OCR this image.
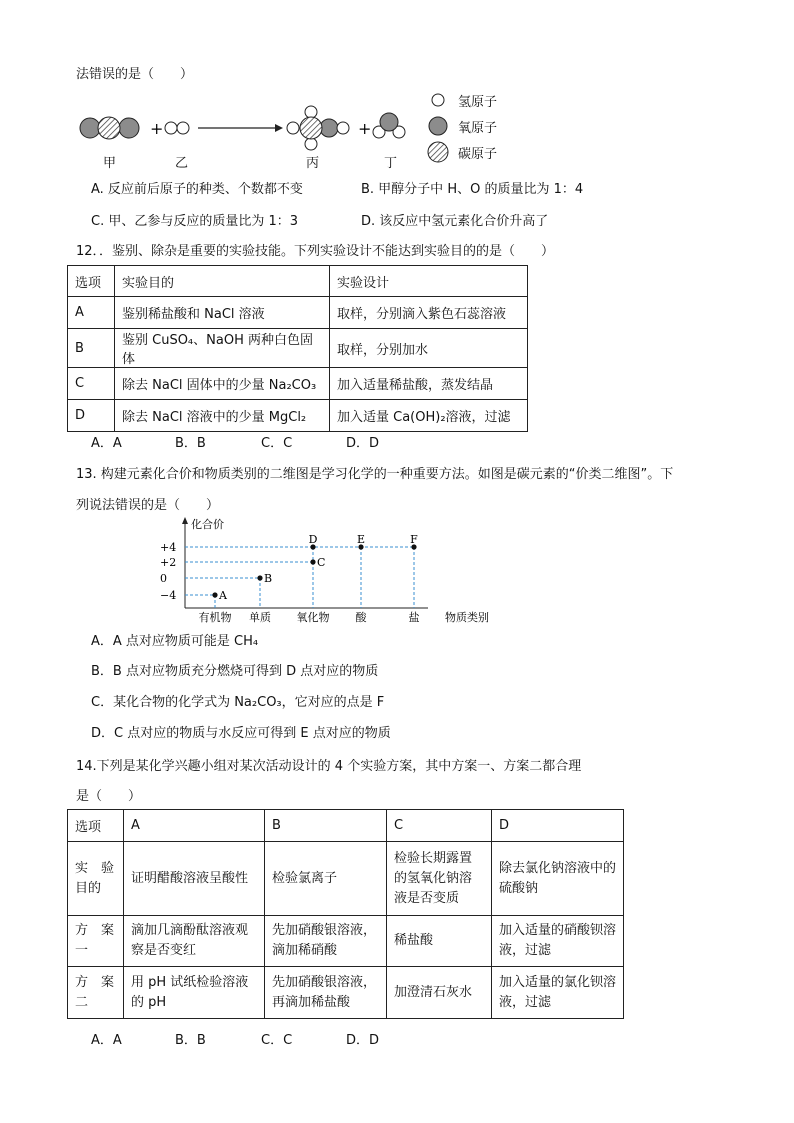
法错误的是（　　）
+	+
甲	乙	丙	丁
氢原子
氧原子
碳原子
A. 反应前后原子的种类、个数都不变	B. 甲醇分子中 H、O 的质量比为 1：4
C. 甲、乙参与反应的质量比为 1：3	D. 该反应中氢元素化合价升高了
12．．鉴别、除杂是重要的实验技能。下列实验设计不能达到实验目的的是（　　）
选项	实验目的	实验设计
A	鉴别稀盐酸和 NaCl 溶液	取样，分别滴入紫色石蕊溶液
B	鉴别 CuSO₄、NaOH 两种白色固体	取样，分别加水
C	除去 NaCl 固体中的少量 Na₂CO₃	加入适量稀盐酸，蒸发结晶
D	除去 NaCl 溶液中的少量 MgCl₂	加入适量 Ca(OH)₂溶液，过滤
A．A	B．B	C．C	D．D
13. 构建元素化合价和物质类别的二维图是学习化学的一种重要方法。如图是碳元素的“价类二维图”。下
列说法错误的是（　　）
化合价
+4
+2
0
−4
有机物 单质 氧化物 酸	盐 物质类别
A
B
C
D	E	F
A．A 点对应物质可能是 CH₄
B．B 点对应物质充分燃烧可得到 D 点对应的物质
C．某化合物的化学式为 Na₂CO₃，它对应的点是 F
D．C 点对应的物质与水反应可得到 E 点对应的物质
14.下列是某化学兴趣小组对某次活动设计的 4 个实验方案，其中方案一、方案二都合理
是（　　）
选项	A	B	C	D
实　验目的	证明醋酸溶液呈酸性	检验氯离子	检验长期露置的氢氧化钠溶液是否变质	除去氯化钠溶液中的硫酸钠
方　案一	滴加几滴酚酞溶液观察是否变红	先加硝酸银溶液，滴加稀硝酸	稀盐酸	加入适量的硝酸钡溶液，过滤
方　案二	用 pH 试纸检验溶液的 pH	先加硝酸银溶液，再滴加稀盐酸	加澄清石灰水	加入适量的氯化钡溶液，过滤
A．A	B．B	C．C	D．D
